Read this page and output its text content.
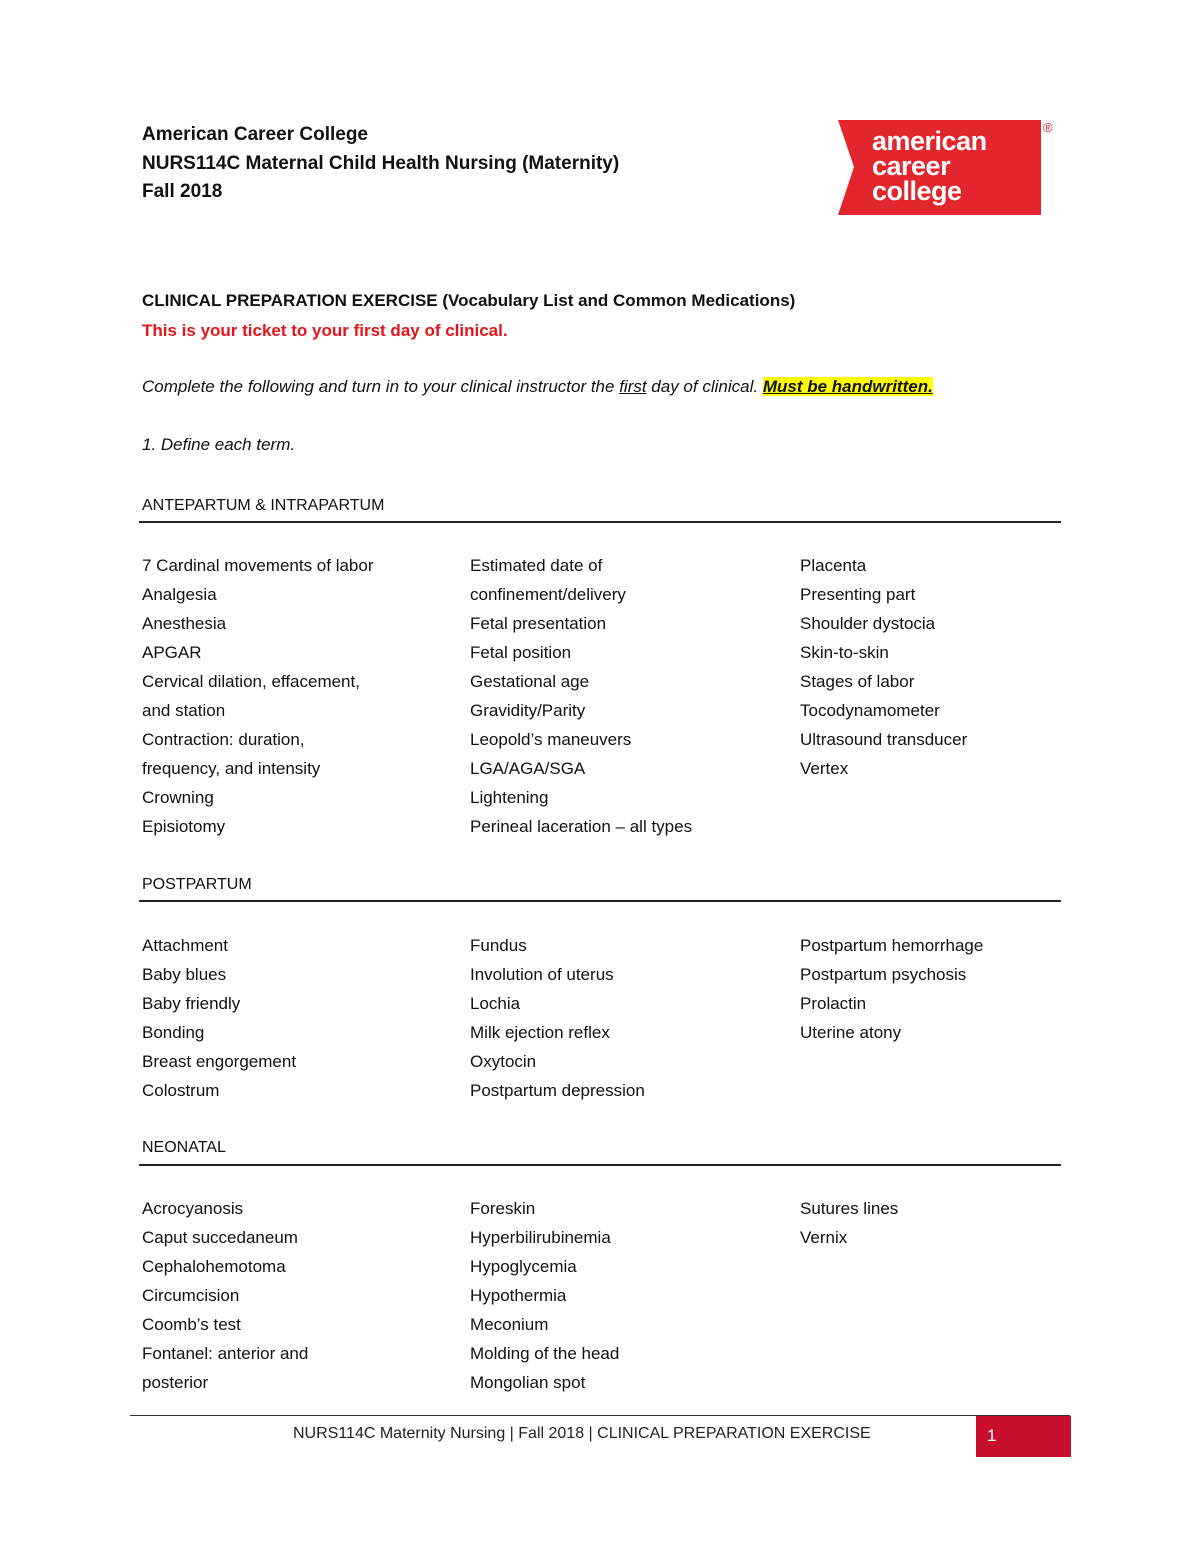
American Career College
NURS114C Maternal Child Health Nursing (Maternity)
Fall 2018
american
career
college
®
CLINICAL PREPARATION EXERCISE (Vocabulary List and Common Medications)
This is your ticket to your first day of clinical.
Complete the following and turn in to your clinical instructor the first day of clinical. Must be handwritten.
1. Define each term.
ANTEPARTUM & INTRAPARTUM
7 Cardinal movements of labor
Analgesia
Anesthesia
APGAR
Cervical dilation, effacement,
and station
Contraction: duration,
frequency, and intensity
Crowning
Episiotomy
Estimated date of
confinement/delivery
Fetal presentation
Fetal position
Gestational age
Gravidity/Parity
Leopold’s maneuvers
LGA/AGA/SGA
Lightening
Perineal laceration – all types
Placenta
Presenting part
Shoulder dystocia
Skin-to-skin
Stages of labor
Tocodynamometer
Ultrasound transducer
Vertex
POSTPARTUM
Attachment
Baby blues
Baby friendly
Bonding
Breast engorgement
Colostrum
Fundus
Involution of uterus
Lochia
Milk ejection reflex
Oxytocin
Postpartum depression
Postpartum hemorrhage
Postpartum psychosis
Prolactin
Uterine atony
NEONATAL
Acrocyanosis
Caput succedaneum
Cephalohemotoma
Circumcision
Coomb’s test
Fontanel: anterior and
posterior
Foreskin
Hyperbilirubinemia
Hypoglycemia
Hypothermia
Meconium
Molding of the head
Mongolian spot
Sutures lines
Vernix
NURS114C Maternity Nursing | Fall 2018 | CLINICAL PREPARATION EXERCISE	1
